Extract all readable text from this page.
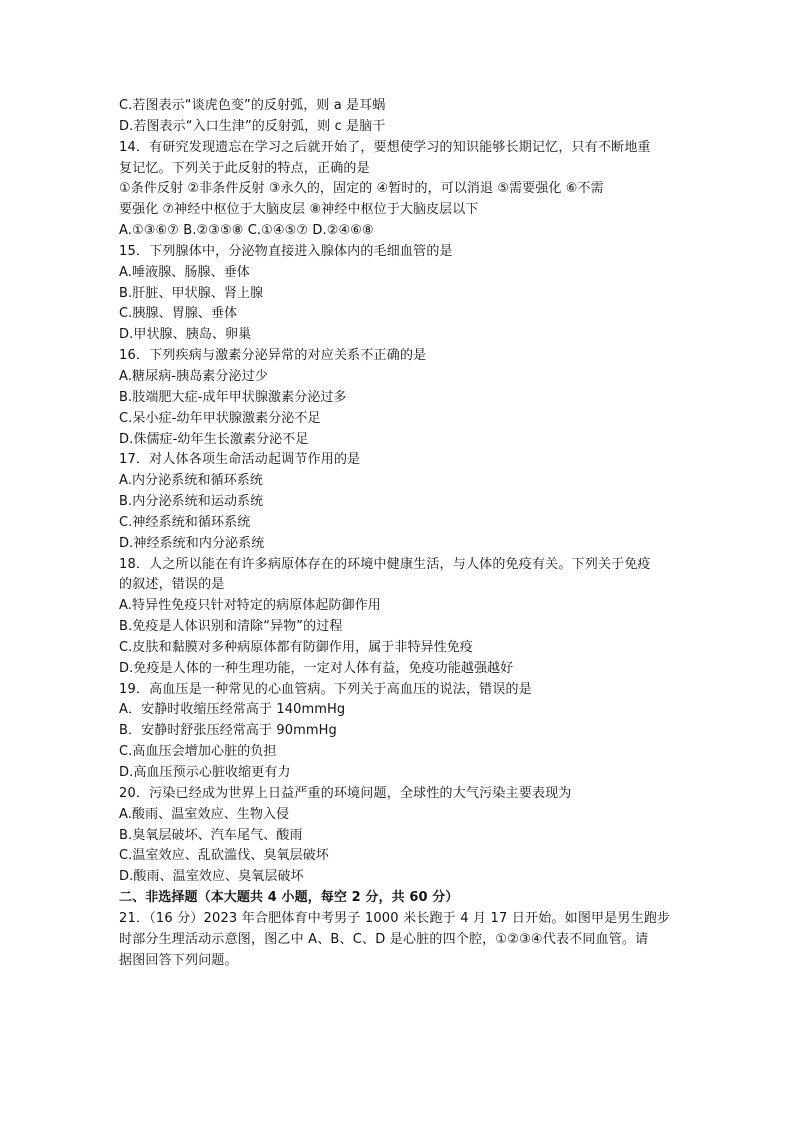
C.若图表示“谈虎色变”的反射弧，则 a 是耳蜗
D.若图表示“入口生津”的反射弧，则 c 是脑干
14．有研究发现遗忘在学习之后就开始了，要想使学习的知识能够长期记忆，只有不断地重
复记忆。下列关于此反射的特点，正确的是
①条件反射 ②非条件反射 ③永久的，固定的 ④暂时的，可以消退 ⑤需要强化 ⑥不需
要强化 ⑦神经中枢位于大脑皮层 ⑧神经中枢位于大脑皮层以下
A.①③⑥⑦ B.②③⑤⑧ C.①④⑤⑦ D.②④⑥⑧
15．下列腺体中，分泌物直接进入腺体内的毛细血管的是
A.唾液腺、肠腺、垂体
B.肝脏、甲状腺、肾上腺
C.胰腺、胃腺、垂体
D.甲状腺、胰岛、卵巢
16．下列疾病与激素分泌异常的对应关系不正确的是
A.糖尿病-胰岛素分泌过少
B.肢端肥大症-成年甲状腺激素分泌过多
C.呆小症-幼年甲状腺激素分泌不足
D.侏儒症-幼年生长激素分泌不足
17．对人体各项生命活动起调节作用的是
A.内分泌系统和循环系统
B.内分泌系统和运动系统
C.神经系统和循环系统
D.神经系统和内分泌系统
18．人之所以能在有许多病原体存在的环境中健康生活，与人体的免疫有关。下列关于免疫
的叙述，错误的是
A.特异性免疫只针对特定的病原体起防御作用
B.免疫是人体识别和清除“异物”的过程
C.皮肤和黏膜对多种病原体都有防御作用，属于非特异性免疫
D.免疫是人体的一种生理功能，一定对人体有益，免疫功能越强越好
19．高血压是一种常见的心血管病。下列关于高血压的说法，错误的是
A．安静时收缩压经常高于 140mmHg
B．安静时舒张压经常高于 90mmHg
C.高血压会增加心脏的负担
D.高血压预示心脏收缩更有力
20．污染已经成为世界上日益严重的环境问题，全球性的大气污染主要表现为
A.酸雨、温室效应、生物入侵
B.臭氧层破坏、汽车尾气、酸雨
C.温室效应、乱砍滥伐、臭氧层破坏
D.酸雨、温室效应、臭氧层破坏
二、非选择题（本大题共 4 小题，每空 2 分，共 60 分）
21．（16 分）2023 年合肥体育中考男子 1000 米长跑于 4 月 17 日开始。如图甲是男生跑步
时部分生理活动示意图，图乙中 A、B、C、D 是心脏的四个腔，①②③④代表不同血管。请
据图回答下列问题。
